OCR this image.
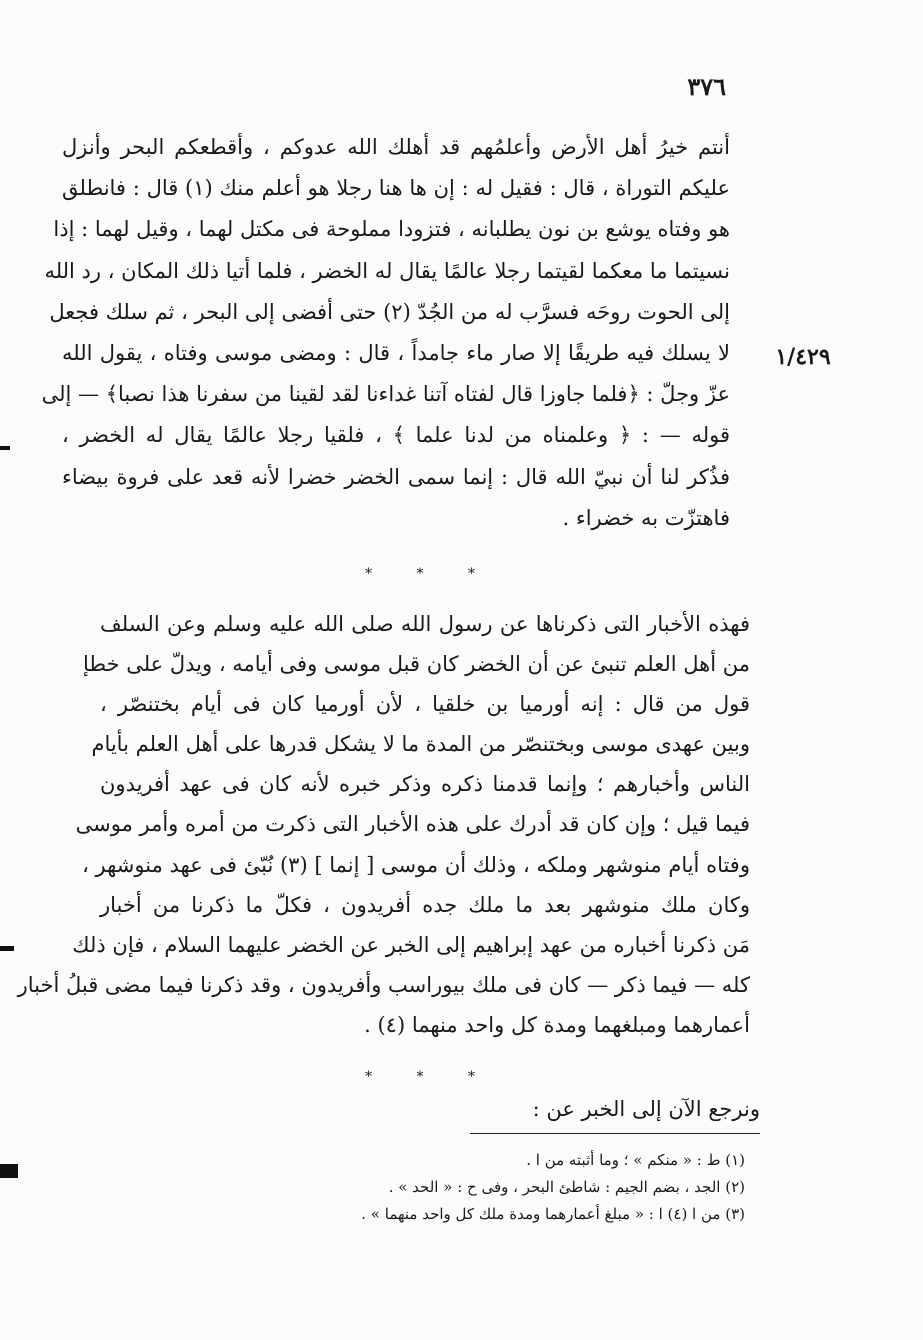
٣٧٦
١/٤٢٩
أنتم خيرُ أهل الأرض وأعلمُهم قد أهلك الله عدوكم ، وأقطعكم البحر وأنزل
عليكم التوراة ، قال : فقيل له : إن ها هنا رجلا هو أعلم منك (١) قال : فانطلق
هو وفتاه يوشع بن نون يطلبانه ، فتزودا مملوحة فى مكتل لهما ، وقيل لهما : إذا
نسيتما ما معكما لقيتما رجلا عالمًا يقال له الخضر ، فلما أتيا ذلك المكان ، رد الله
إلى الحوت روحَه فسرَّب له من الجُدّ (٢) حتى أفضى إلى البحر ، ثم سلك فجعل
لا يسلك فيه طريقًا إلا صار ماء جامداً ، قال : ومضى موسى وفتاه ، يقول الله
عزّ وجلّ : ﴿فلما جاوزا قال لفتاه آتنا غداءنا لقد لقينا من سفرنا هذا نصبا﴾ — إلى
قوله — : ﴿ وعلمناه من لدنا علما ﴾ ، فلقيا رجلا عالمًا يقال له الخضر ،
فذُكر لنا أن نبيّ الله قال : إنما سمى الخضر خضرا لأنه قعد على فروة بيضاء
فاهتزّت به خضراء .
* * *
فهذه الأخبار التى ذكرناها عن رسول الله صلى الله عليه وسلم وعن السلف
من أهل العلم تنبئ عن أن الخضر كان قبل موسى وفى أيامه ، ويدلّ على خطإ
قول من قال : إنه أورميا بن خلقيا ، لأن أورميا كان فى أيام بختنصّر ،
وبين عهدى موسى وبختنصّر من المدة ما لا يشكل قدرها على أهل العلم بأيام
الناس وأخبارهم ؛ وإنما قدمنا ذكره وذكر خبره لأنه كان فى عهد أفريدون
فيما قيل ؛ وإن كان قد أدرك على هذه الأخبار التى ذكرت من أمره وأمر موسى
وفتاه أيام منوشهر وملكه ، وذلك أن موسى [ إنما ] (٣) نُبّئ فى عهد منوشهر ،
وكان ملك منوشهر بعد ما ملك جده أفريدون ، فكلّ ما ذكرنا من أخبار
مَن ذكرنا أخباره من عهد إبراهيم إلى الخبر عن الخضر عليهما السلام ، فإن ذلك
كله — فيما ذكر — كان فى ملك بيوراسب وأفريدون ، وقد ذكرنا فيما مضى قبلُ أخبار
أعمارهما ومبلغهما ومدة كل واحد منهما (٤) .
* * *
ونرجع الآن إلى الخبر عن :
(١) ط : « منكم » ؛ وما أثبته من ا .
(٢) الجد ، بضم الجيم : شاطئ البحر ، وفى ح : « الحد » .
(٣) من ا (٤) ا : « مبلغ أعمارهما ومدة ملك كل واحد منهما » .
